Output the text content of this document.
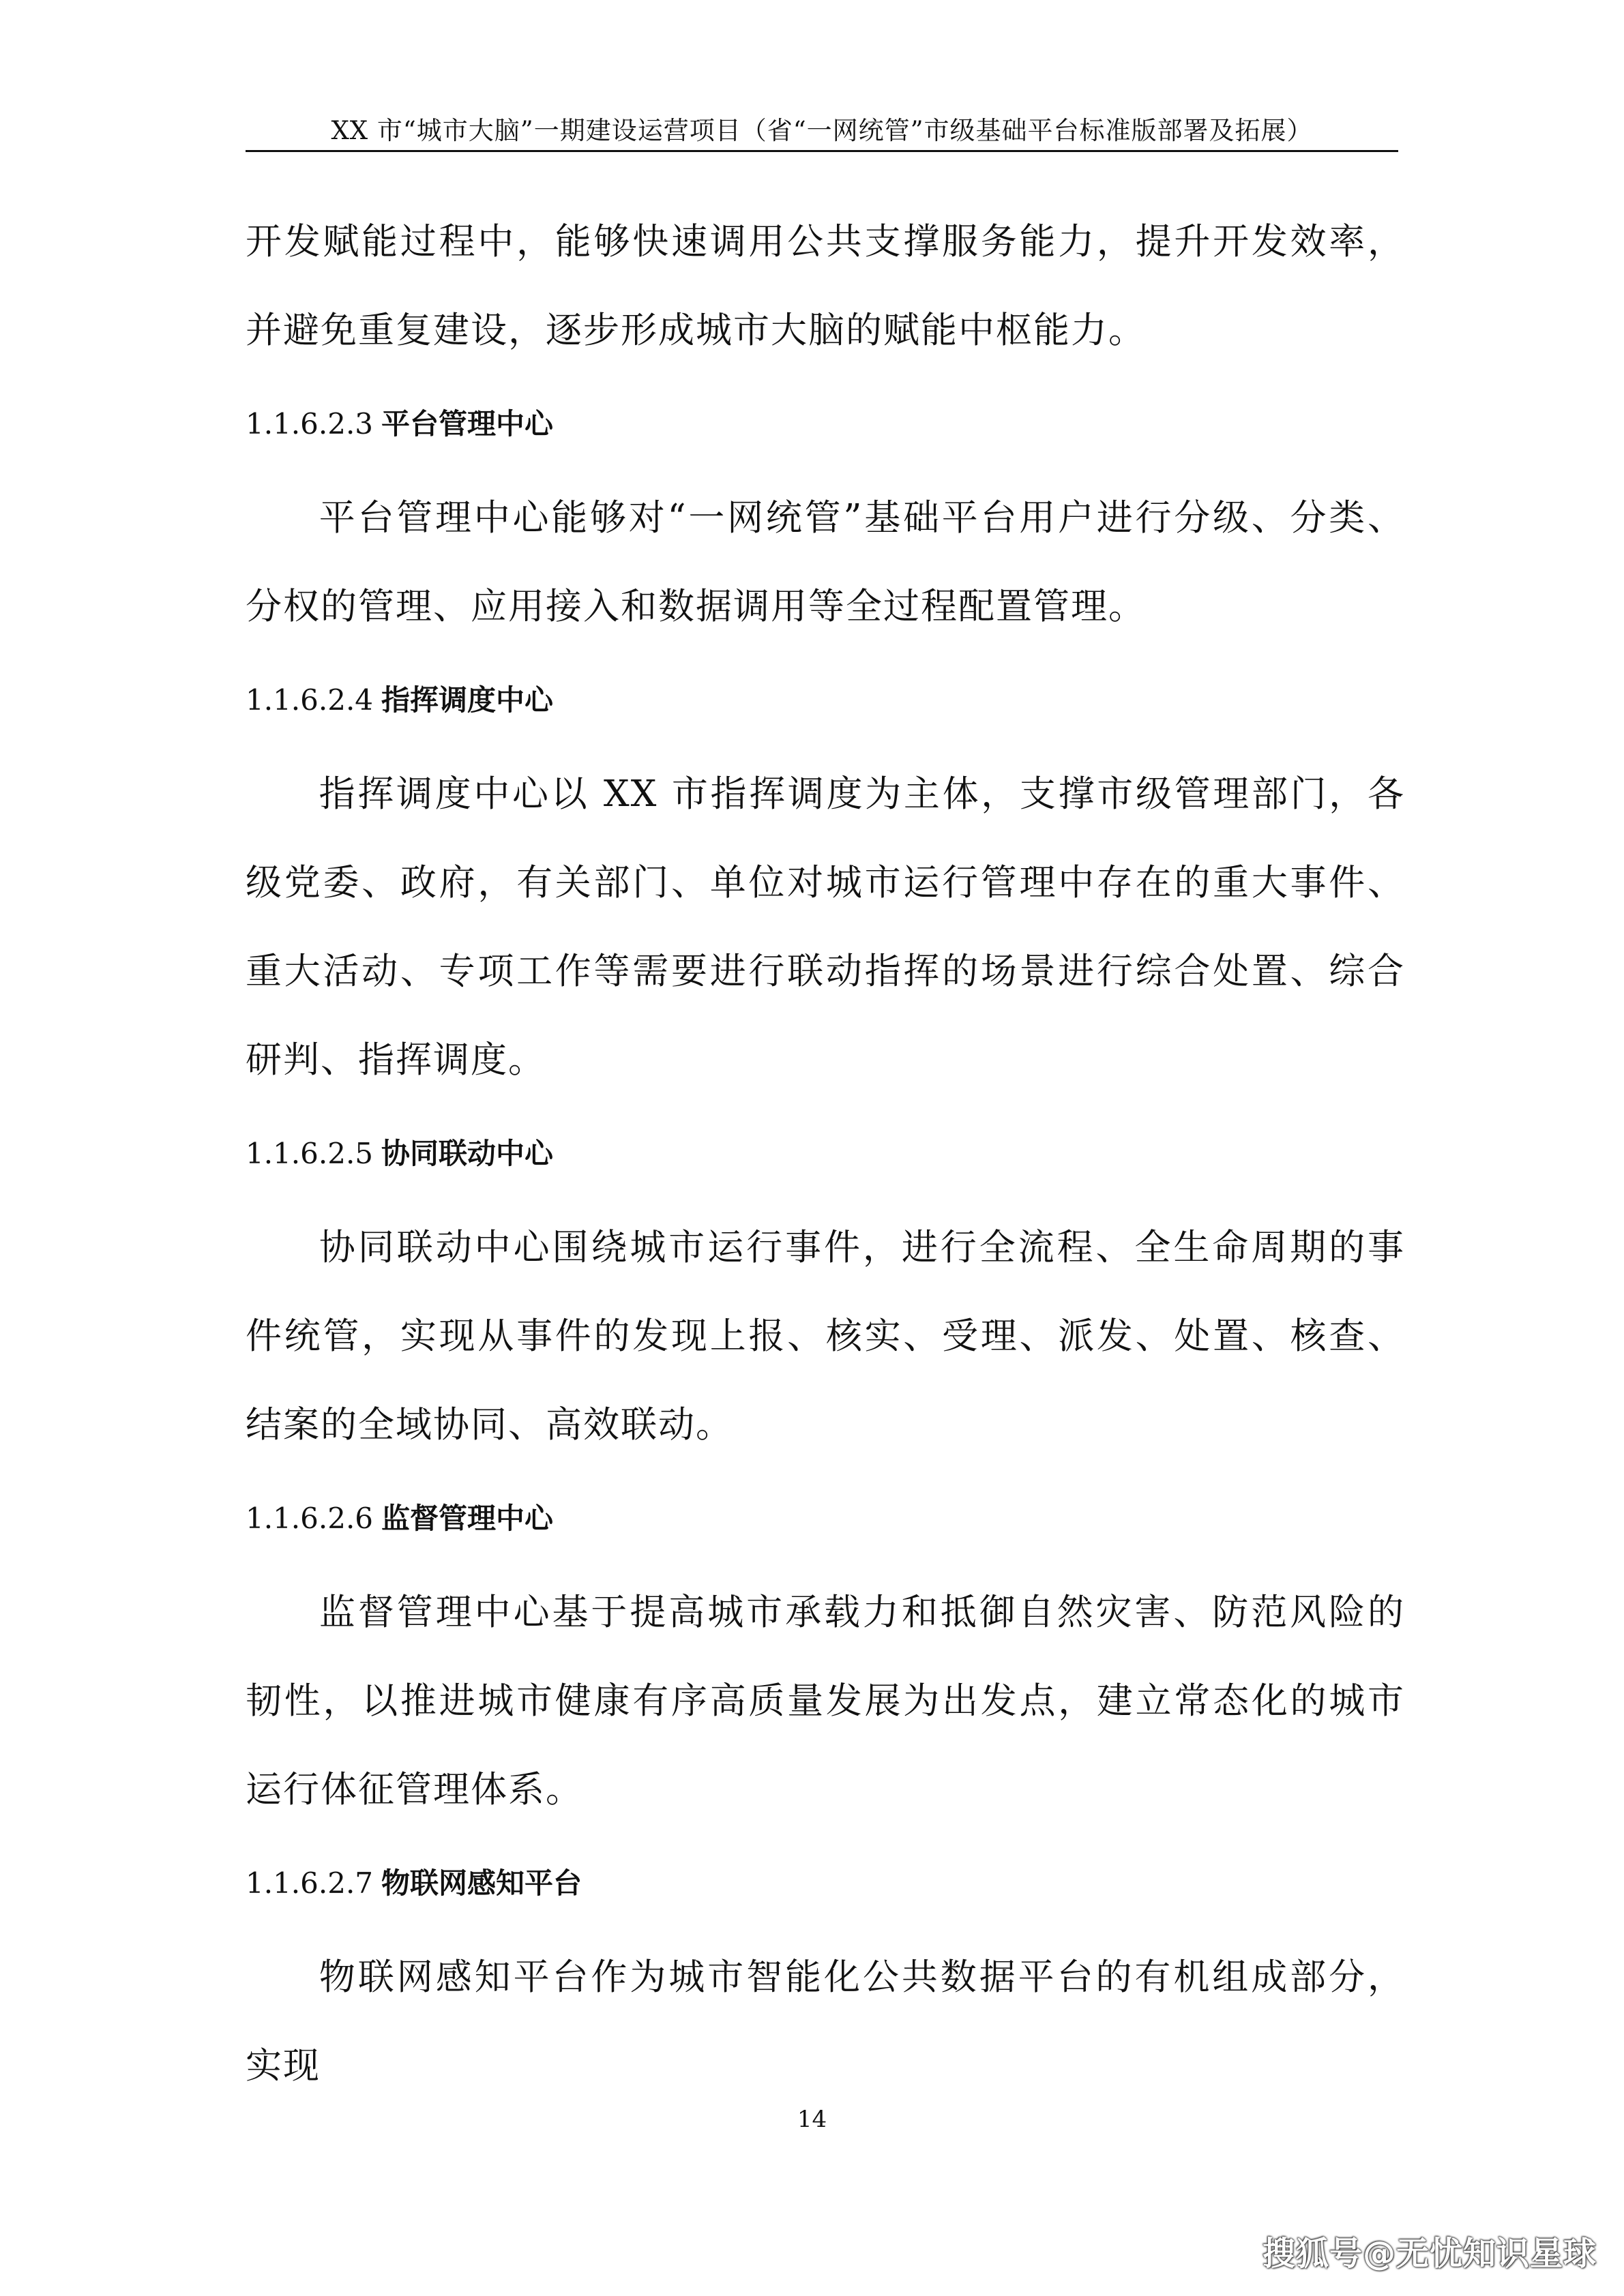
XX 市“城市大脑”一期建设运营项目（省“一网统管”市级基础平台标准版部署及拓展）

开发赋能过程中，能够快速调用公共支撑服务能力，提升开发效率，并避免重复建设，逐步形成城市大脑的赋能中枢能力。

1.1.6.2.3 平台管理中心

平台管理中心能够对“一网统管”基础平台用户进行分级、分类、分权的管理、应用接入和数据调用等全过程配置管理。

1.1.6.2.4 指挥调度中心

指挥调度中心以 XX 市指挥调度为主体，支撑市级管理部门，各级党委、政府，有关部门、单位对城市运行管理中存在的重大事件、重大活动、专项工作等需要进行联动指挥的场景进行综合处置、综合研判、指挥调度。

1.1.6.2.5 协同联动中心

协同联动中心围绕城市运行事件，进行全流程、全生命周期的事件统管，实现从事件的发现上报、核实、受理、派发、处置、核查、结案的全域协同、高效联动。

1.1.6.2.6 监督管理中心

监督管理中心基于提高城市承载力和抵御自然灾害、防范风险的韧性，以推进城市健康有序高质量发展为出发点，建立常态化的城市运行体征管理体系。

1.1.6.2.7 物联网感知平台

物联网感知平台作为城市智能化公共数据平台的有机组成部分，实现

14
搜狐号@无忧知识星球
